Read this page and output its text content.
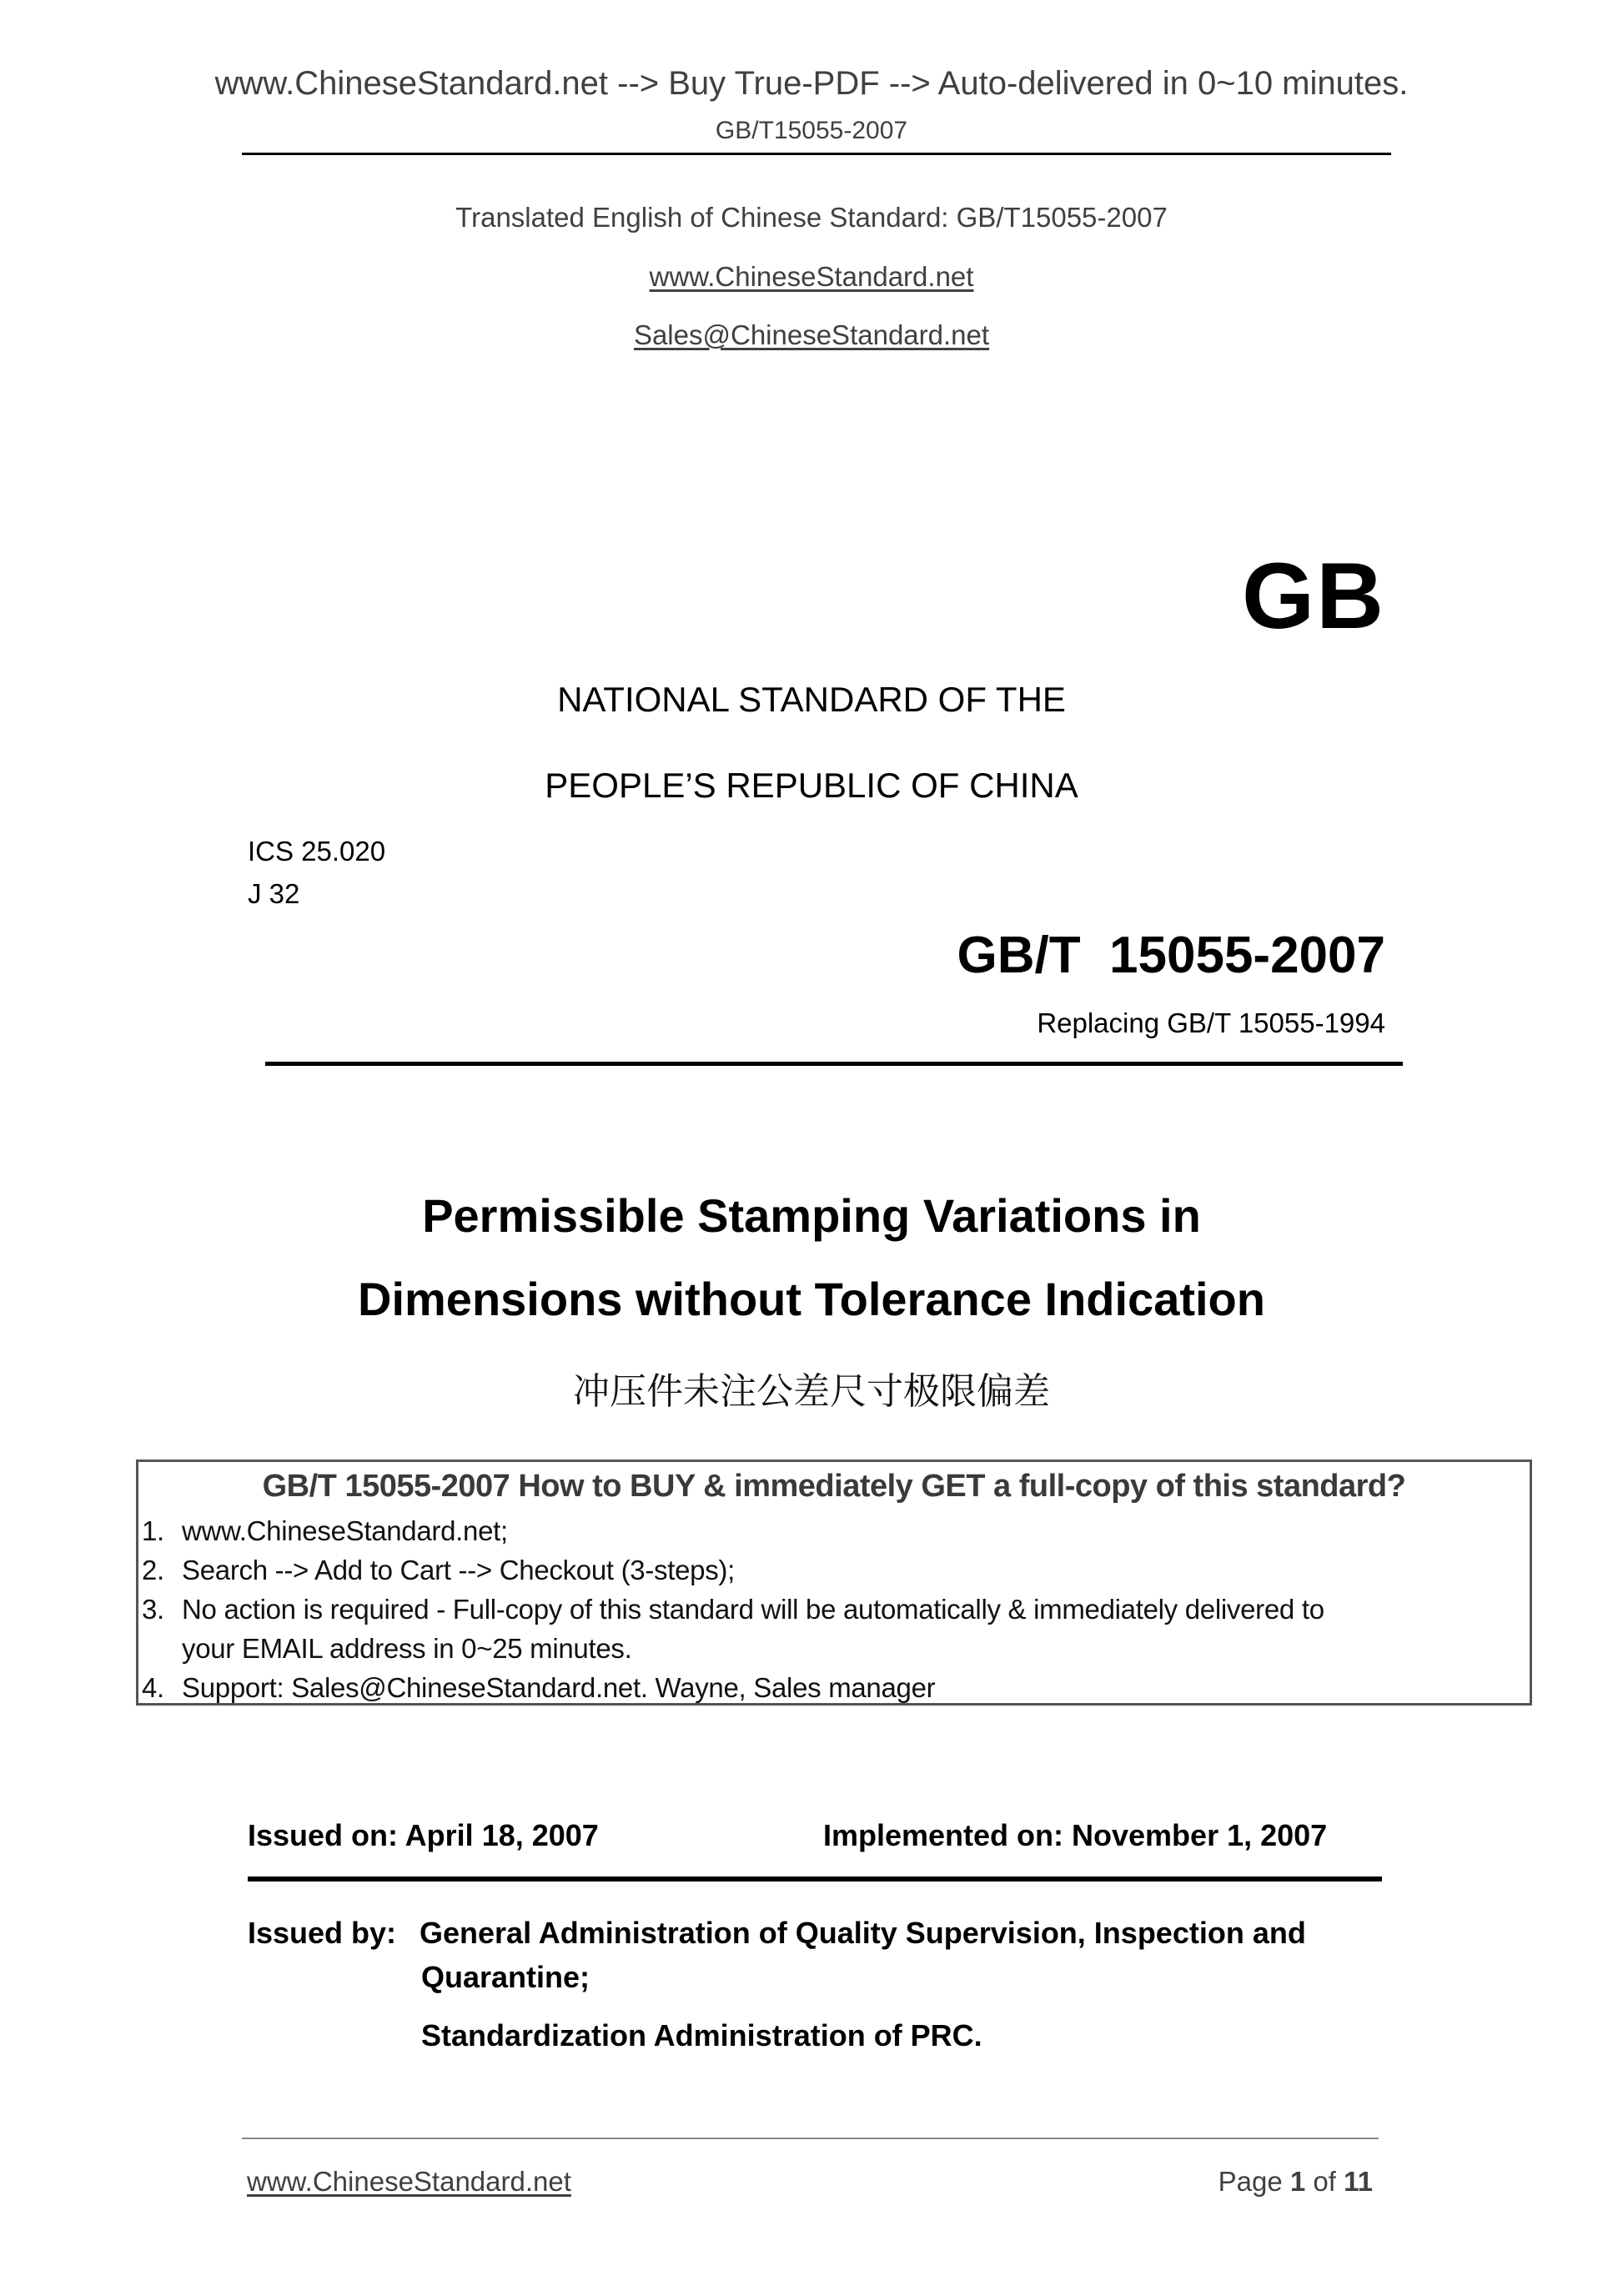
www.ChineseStandard.net --> Buy True-PDF --> Auto-delivered in 0~10 minutes.
GB/T15055-2007
Translated English of Chinese Standard: GB/T15055-2007
www.ChineseStandard.net
Sales@ChineseStandard.net
GB
NATIONAL STANDARD OF THE
PEOPLE’S REPUBLIC OF CHINA
ICS 25.020
J 32
GB/T  15055-2007
Replacing GB/T 15055-1994
Permissible Stamping Variations in
Dimensions without Tolerance Indication
冲压件未注公差尺寸极限偏差
GB/T 15055-2007 How to BUY & immediately GET a full-copy of this standard?
1. www.ChineseStandard.net;
2. Search --> Add to Cart --> Checkout (3-steps);
3. No action is required - Full-copy of this standard will be automatically & immediately delivered to
your EMAIL address in 0~25 minutes.
4. Support: Sales@ChineseStandard.net. Wayne, Sales manager
Issued on: April 18, 2007	Implemented on: November 1, 2007
Issued by: General Administration of Quality Supervision, Inspection and
Quarantine;
Standardization Administration of PRC.
www.ChineseStandard.net	Page 1 of 11
